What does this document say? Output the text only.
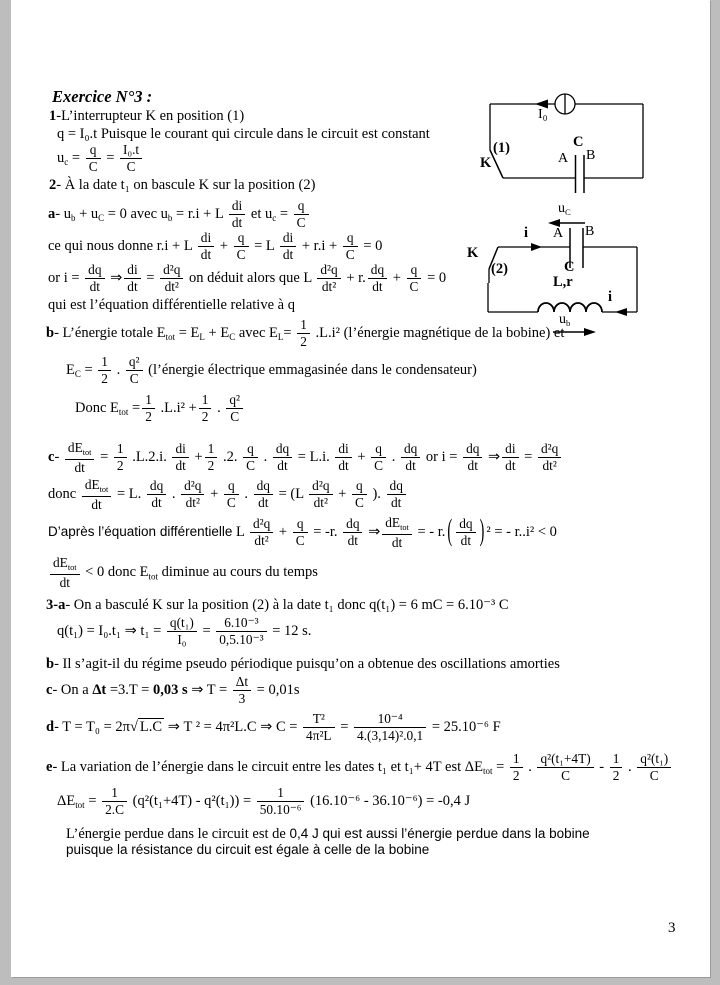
Exercice N°3 :
1-L’interrupteur K en position (1)
q = I₀.t Puisque le courant qui circule dans le circuit est constant
$u_c = \frac{q}{C} = \frac{\text{I₀.t}}{C}$
2- À la date t₁ on bascule K sur la position (2)
a- $u_b + u_C = 0$ avec $u_b = r.i + L \frac{di}{dt}$ et $u_c = \frac{q}{C}$
ce qui nous donne r.i + L $\frac{di}{dt} + \frac{q}{C} = L \frac{di}{dt} + r.i + \frac{q}{C} = 0$
or $i = \frac{dq}{dt}$ ⇒ $\frac{di}{dt} = \frac{\text{d²q}}{\text{dt²}}$ on déduit alors que L $\frac{\text{d²q}}{\text{dt²}} + r$. $\frac{dq}{dt} + \frac{q}{C} = 0$
qui est l’équation différentielle relative à q
b- L’énergie totale $E_{tot} = E_L + E_C$ avec $E_L= \frac{1}{2} .L.i^2$ (l’énergie magnétique de la bobine) et
$E_C = \frac{1}{2}$ . $\frac{\text{q²}}{C}$ (l’énergie électrique emmagasinée dans le condensateur)
Donc $E_{tot} = \frac{1}{2} .L.i^2 + \frac{1}{2}$ . $\frac{\text{q²}}{C}$
$c- \frac{dE_{tot}}{dt} = \frac{1}{2} .L.2.i$. $\frac{di}{dt} + \frac{1}{2} .2$. $\frac{q}{C}$ . $\frac{dq}{dt} = L.i$. $\frac{di}{dt} + \frac{q}{C}$ . $\frac{dq}{dt}$ or $i = \frac{dq}{dt}$ ⇒ $\frac{di}{dt} = \frac{\text{d²q}}{\text{dt²}}$
donc $\frac{dE_{tot}}{dt} = L$. $\frac{dq}{dt}$ . $\frac{\text{d²q}}{\text{dt²}} + \frac{q}{C}$ . $\frac{dq}{dt} = (L \frac{\text{d²q}}{\text{dt²}} + \frac{q}{C}$ ). $\frac{dq}{dt}$
D’après l’équation différentielle L $\frac{\text{d²q}}{\text{dt²}} + \frac{q}{C} = -r$. $\frac{dq}{dt}$ ⇒ $\frac{dE_{tot}}{dt}$ = - r. ( $\frac{dq}{dt}$ ) ² = - r..i² < 0
$\frac{dE_{tot}}{dt} < 0$ donc $E_{tot}$ diminue au cours du temps
3-a- On a basculé K sur la position (2) à la date t₁ donc q(t₁) = 6 mC = 6.10⁻³ C
q(t₁) = I₀.t₁ ⇒ $t_1 = \frac{\text{q(t₁)}}{\text{I₀}} = \frac{\text{6.10⁻³}}{\text{0,5.10⁻³}} = 12$ s.
b- Il s’agit-il du régime pseudo périodique puisqu’on a obtenue des oscillations amorties
c- On a Δt =3.T = 0,03 s ⇒ $T = \frac{\Delta t}{3} = 0,01s$
d- T = T₀ = 2π√ L.C ⇒ T ² = 4π²L.C ⇒ $C = \frac{\text{T²}}{\text{4π²L}} = \frac{\text{10⁻⁴}}{\text{4.(3,14)².0,1}} = 25.10^{-6}$ F
e- La variation de l’énergie dans le circuit entre les dates t₁ et t₁+ 4T est $\Delta E_{tot} = \frac{1}{2}$ . $\frac{\text{q²(t₁+4T)}}{C} - \frac{1}{2}$ . $\frac{\text{q²(t₁)}}{C}$
$\Delta E_{tot} = \frac{1}{2.C} (q^2(t_1+4T) - q^2(t_1)) = \frac{1}{\text{50.10⁻⁶}} (16.10^{-6} - 36.10^{-6}) = -0,4$ J
L’énergie perdue dans le circuit est de 0,4 J qui est aussi l’énergie perdue dans la bobine
puisque la résistance du circuit est égale à celle de la bobine
I₀
(1)
K
C
A B
$u_C$
A B
i
K
(2)	C
L,r
i
$u_b$
3
